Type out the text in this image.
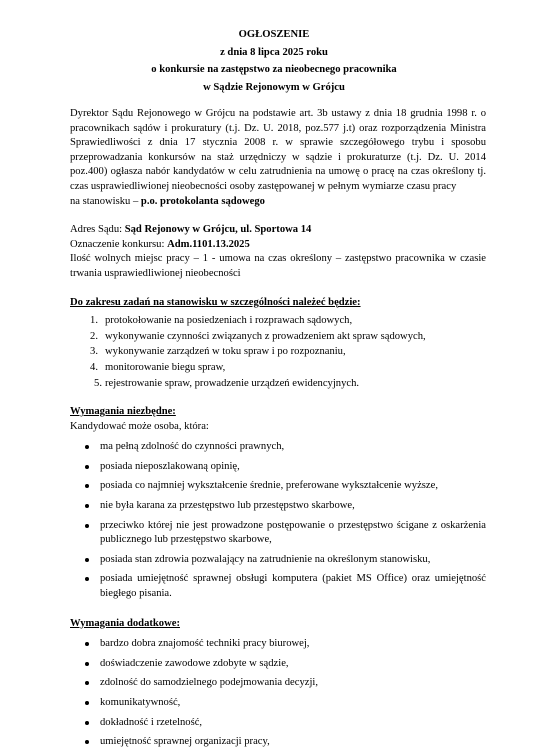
OGŁOSZENIE
z dnia 8 lipca 2025 roku
o konkursie na zastępstwo za nieobecnego pracownika
w Sądzie Rejonowym w Grójcu

Dyrektor Sądu Rejonowego w Grójcu na podstawie art. 3b ustawy z dnia 18 grudnia 1998 r. o pracownikach sądów i prokuratury (t.j. Dz. U. 2018, poz.577 j.t) oraz rozporządzenia Ministra Sprawiedliwości z dnia 17 stycznia 2008 r. w sprawie szczegółowego trybu i sposobu przeprowadzania konkursów na staż urzędniczy w sądzie i prokuraturze (t.j. Dz. U. 2014 poz.400) ogłasza nabór kandydatów w celu zatrudnienia na umowę o pracę na czas określony tj. czas usprawiedliwionej nieobecności osoby zastępowanej w pełnym wymiarze czasu pracy

na stanowisku – p.o. protokolanta sądowego

Adres Sądu: Sąd Rejonowy w Grójcu, ul. Sportowa 14

Oznaczenie konkursu: Adm.1101.13.2025

Ilość wolnych miejsc pracy – 1 - umowa na czas określony – zastępstwo pracownika w czasie trwania usprawiedliwionej nieobecności

Do zakresu zadań na stanowisku w szczególności należeć będzie:

1. protokołowanie na posiedzeniach i rozprawach sądowych,
2. wykonywanie czynności związanych z prowadzeniem akt spraw sądowych,
3. wykonywanie zarządzeń w toku spraw i po rozpoznaniu,
4. monitorowanie biegu spraw,
5. rejestrowanie spraw, prowadzenie urządzeń ewidencyjnych.

Wymagania niezbędne:

Kandydować może osoba, która:

ma pełną zdolność do czynności prawnych,
posiada nieposzlakowaną opinię,
posiada co najmniej wykształcenie średnie, preferowane wykształcenie wyższe,
nie była karana za przestępstwo lub przestępstwo skarbowe,
przeciwko której nie jest prowadzone postępowanie o przestępstwo ścigane z oskarżenia publicznego lub przestępstwo skarbowe,
posiada stan zdrowia pozwalający na zatrudnienie na określonym stanowisku,
posiada umiejętność sprawnej obsługi komputera (pakiet MS Office) oraz umiejętność biegłego pisania.

Wymagania dodatkowe:

bardzo dobra znajomość techniki pracy biurowej,
doświadczenie zawodowe zdobyte w sądzie,
zdolność do samodzielnego podejmowania decyzji,
komunikatywność,
dokładność i rzetelność,
umiejętność sprawnej organizacji pracy,
